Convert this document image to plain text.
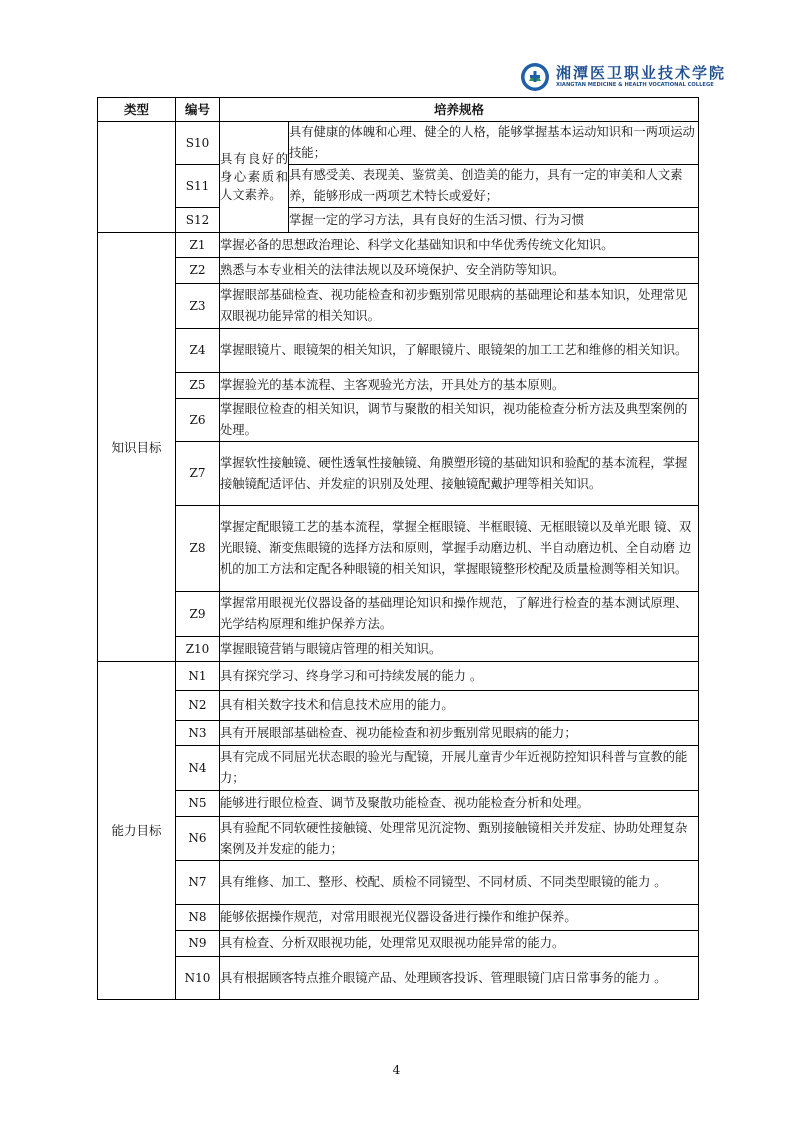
湘潭医卫职业技术学院
XIANGTAN MEDICINE & HEALTH VOCATIONAL COLLEGE
类型	编号	培养规格	
	S10	具有良好的身心素质和人文素养。	具有健康的体魄和心理、健全的人格，能够掌握基本运动知识和一两项运动技能；
	S11		具有感受美、表现美、鉴赏美、创造美的能力，具有一定的审美和人文素养，能够形成一两项艺术特长或爱好；
	S12		掌握一定的学习方法，具有良好的生活习惯、行为习惯
知识目标	Z1	掌握必备的思想政治理论、科学文化基础知识和中华优秀传统文化知识。	
	Z2	熟悉与本专业相关的法律法规以及环境保护、安全消防等知识。	
	Z3	掌握眼部基础检查、视功能检查和初步甄别常见眼病的基础理论和基本知识，处理常见双眼视功能异常的相关知识。	
	Z4	掌握眼镜片、眼镜架的相关知识，了解眼镜片、眼镜架的加工工艺和维修的相关知识。	
	Z5	掌握验光的基本流程、主客观验光方法，开具处方的基本原则。	
	Z6	掌握眼位检查的相关知识，调节与聚散的相关知识，视功能检查分析方法及典型案例的处理。	
	Z7	掌握软性接触镜、硬性透氧性接触镜、角膜塑形镜的基础知识和验配的基本流程，掌握接触镜配适评估、并发症的识别及处理、接触镜配戴护理等相关知识。	
	Z8	掌握定配眼镜工艺的基本流程，掌握全框眼镜、半框眼镜、无框眼镜以及单光眼 镜、双光眼镜、渐变焦眼镜的选择方法和原则，掌握手动磨边机、半自动磨边机、全自动磨 边机的加工方法和定配各种眼镜的相关知识，掌握眼镜整形校配及质量检测等相关知识。	
	Z9	掌握常用眼视光仪器设备的基础理论知识和操作规范，了解进行检查的基本测试原理、光学结构原理和维护保养方法。	
	Z10	掌握眼镜营销与眼镜店管理的相关知识。	
能力目标	N1	具有探究学习、终身学习和可持续发展的能力 。	
	N2	具有相关数字技术和信息技术应用的能力。	
	N3	具有开展眼部基础检查、视功能检查和初步甄别常见眼病的能力；	
	N4	具有完成不同屈光状态眼的验光与配镜，开展儿童青少年近视防控知识科普与宣教的能力；	
	N5	能够进行眼位检查、调节及聚散功能检查、视功能检查分析和处理。	
	N6	具有验配不同软硬性接触镜、处理常见沉淀物、甄别接触镜相关并发症、协助处理复杂案例及并发症的能力；	
	N7	具有维修、加工、整形、校配、质检不同镜型、不同材质、不同类型眼镜的能力 。	
	N8	能够依据操作规范，对常用眼视光仪器设备进行操作和维护保养。	
	N9	具有检查、分析双眼视功能，处理常见双眼视功能异常的能力。	
	N10	具有根据顾客特点推介眼镜产品、处理顾客投诉、管理眼镜门店日常事务的能力 。	
4
